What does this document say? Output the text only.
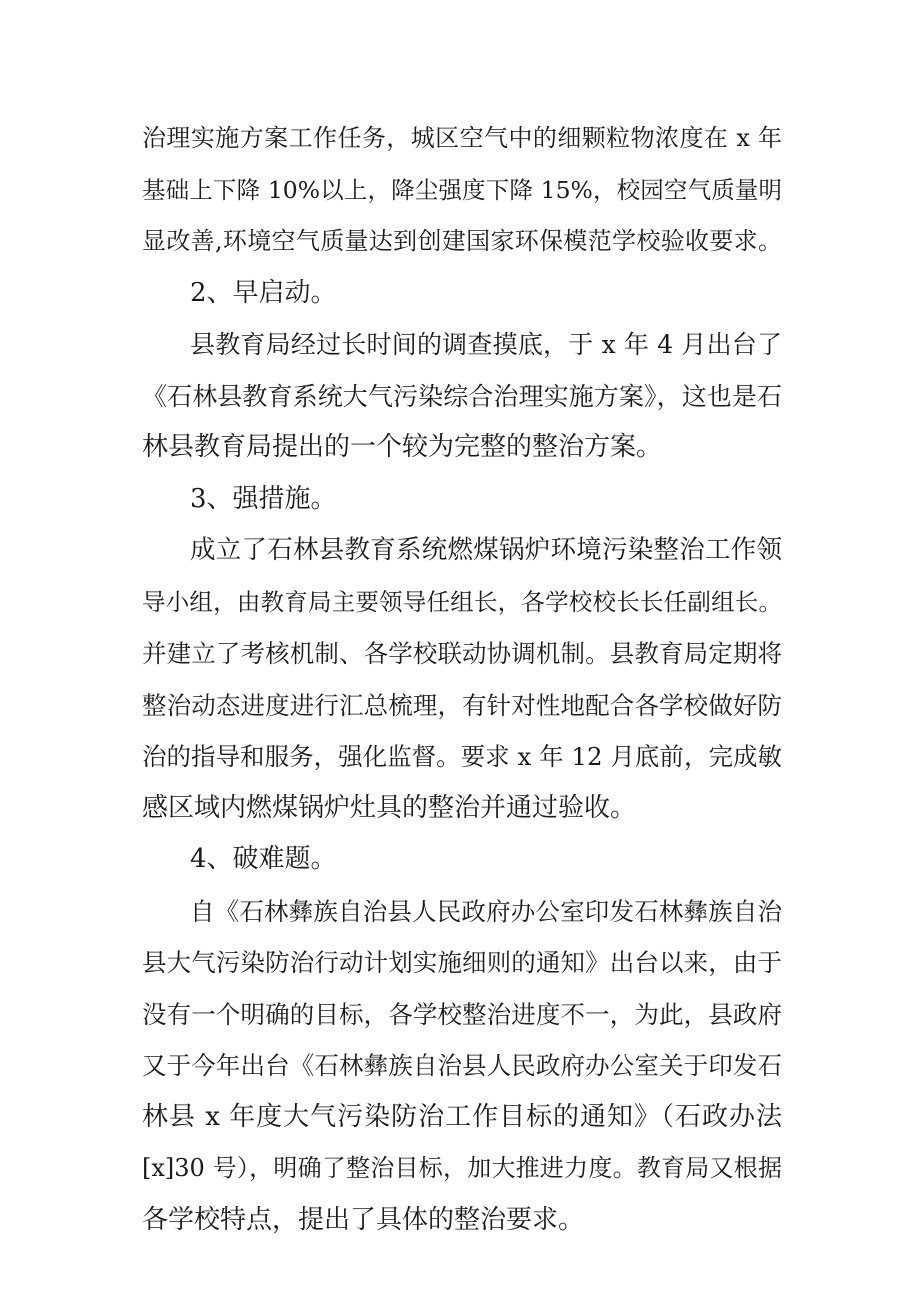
治理实施方案工作任务，城区空气中的细颗粒物浓度在 x 年
基础上下降 10%以上，降尘强度下降 15%，校园空气质量明
显改善,环境空气质量达到创建国家环保模范学校验收要求。
2、早启动。
县教育局经过长时间的调查摸底，于 x 年 4 月出台了
《石林县教育系统大气污染综合治理实施方案》，这也是石
林县教育局提出的一个较为完整的整治方案。
3、强措施。
成立了石林县教育系统燃煤锅炉环境污染整治工作领
导小组，由教育局主要领导任组长，各学校校长长任副组长。
并建立了考核机制、各学校联动协调机制。县教育局定期将
整治动态进度进行汇总梳理，有针对性地配合各学校做好防
治的指导和服务，强化监督。要求 x 年 12 月底前，完成敏
感区域内燃煤锅炉灶具的整治并通过验收。
4、破难题。
自《石林彝族自治县人民政府办公室印发石林彝族自治
县大气污染防治行动计划实施细则的通知》出台以来，由于
没有一个明确的目标，各学校整治进度不一，为此，县政府
又于今年出台《石林彝族自治县人民政府办公室关于印发石
林县 x 年度大气污染防治工作目标的通知》（石政办法
[x]30 号），明确了整治目标，加大推进力度。教育局又根据
各学校特点，提出了具体的整治要求。
